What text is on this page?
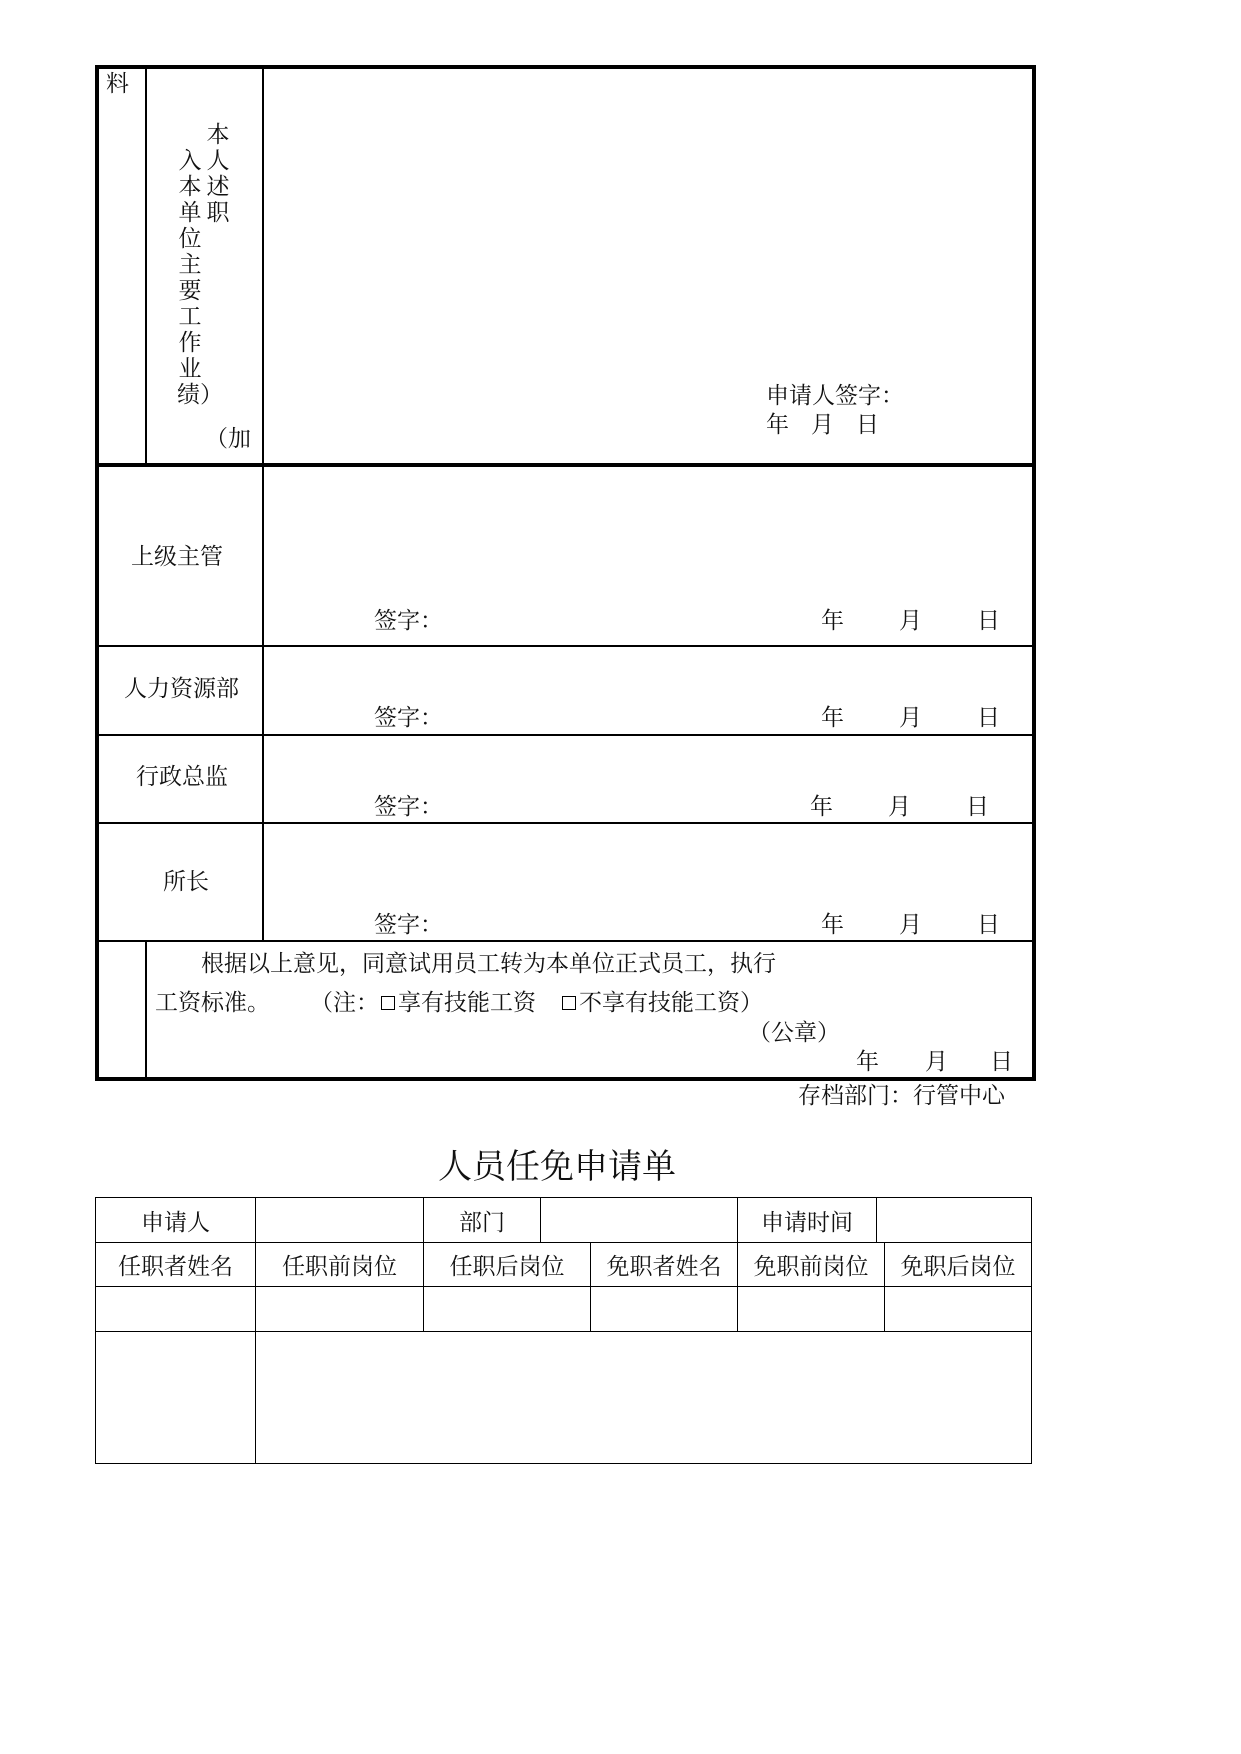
料
本人述职
入本单位主要工作业绩）
（加
申请人签字：
年 月 日
上级主管
签字：	年 月 日
人力资源部
签字：	年 月 日
行政总监
签字：	年 月 日
所长
签字：	年 月 日
根据以上意见，同意试用员工转为本单位正式员工，执行
工资标准。 （注： 享有技能工资 不享有技能工资）
（公章）
年 月 日
存档部门：行管中心
人员任免申请单
申请人	部门	申请时间
任职者姓名	任职前岗位	任职后岗位	免职者姓名	免职前岗位	免职后岗位
